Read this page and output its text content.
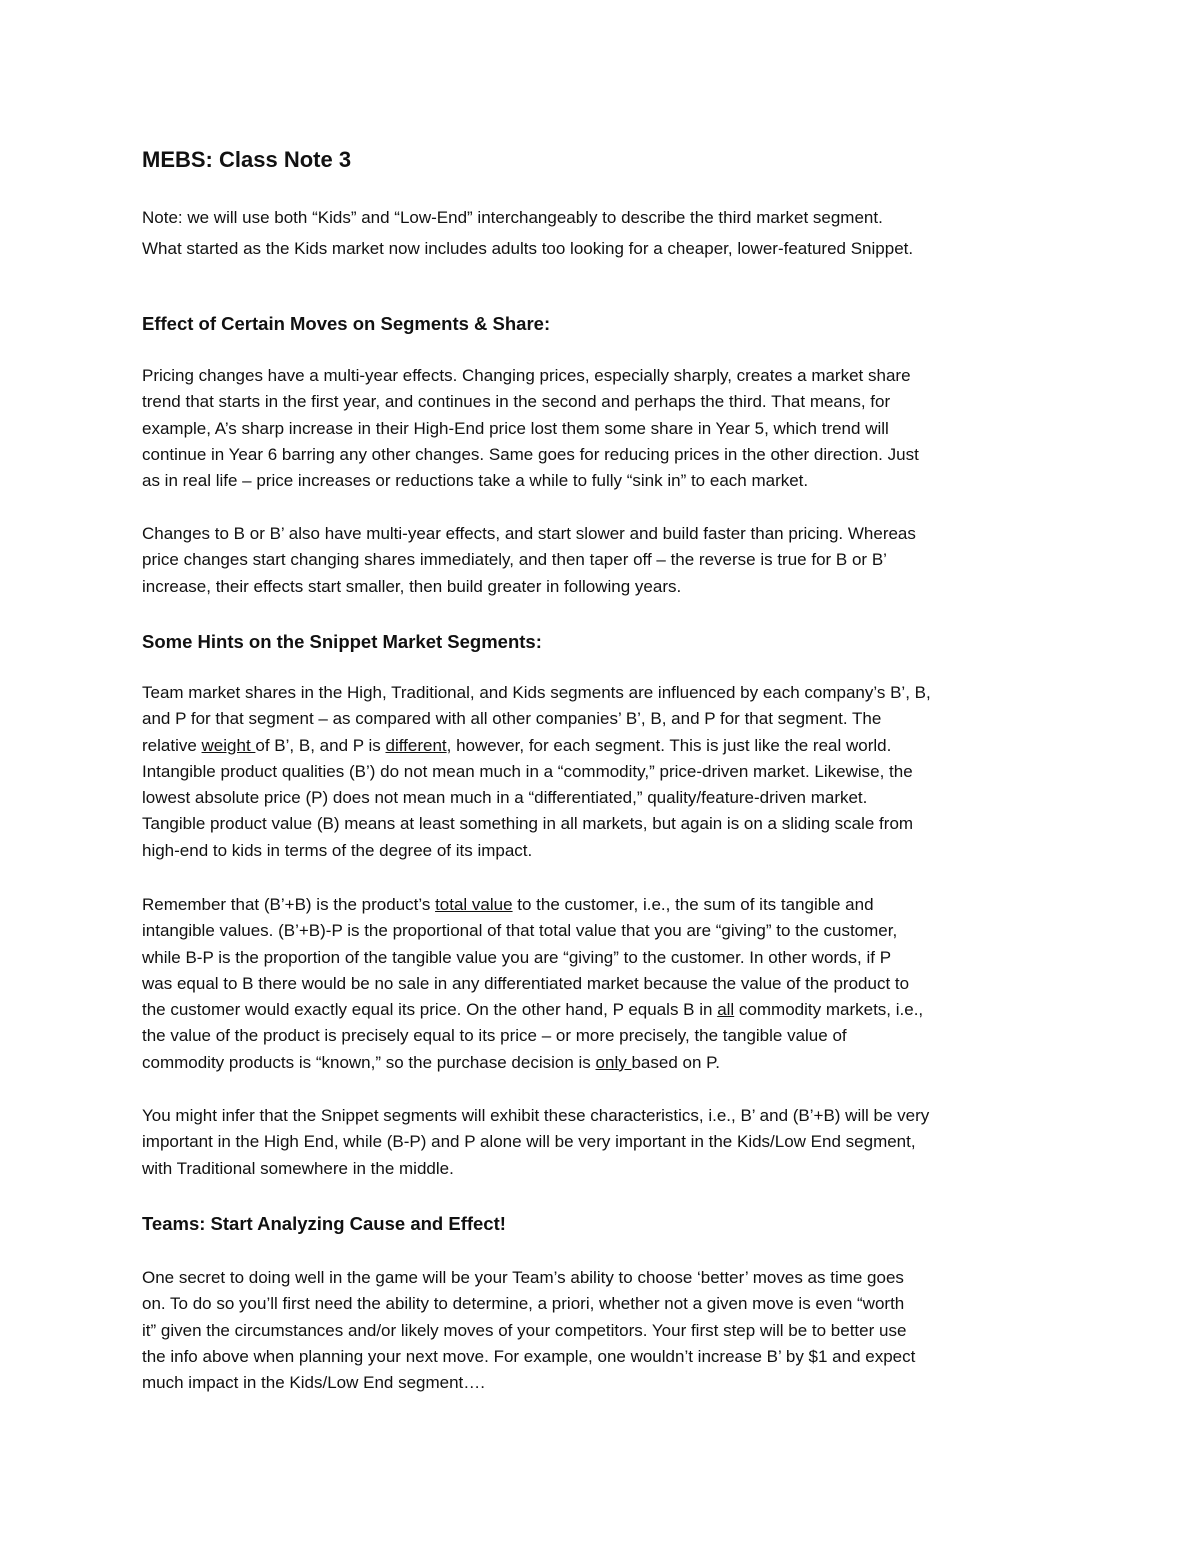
MEBS: Class Note 3

Note: we will use both “Kids” and “Low-End” interchangeably to describe the third market segment.

What started as the Kids market now includes adults too looking for a cheaper, lower-featured Snippet.

Effect of Certain Moves on Segments & Share:

Pricing changes have a multi-year effects. Changing prices, especially sharply, creates a market share
trend that starts in the first year, and continues in the second and perhaps the third. That means, for
example, A’s sharp increase in their High-End price lost them some share in Year 5, which trend will
continue in Year 6 barring any other changes. Same goes for reducing prices in the other direction. Just
as in real life – price increases or reductions take a while to fully “sink in” to each market.

Changes to B or B’ also have multi-year effects, and start slower and build faster than pricing. Whereas
price changes start changing shares immediately, and then taper off – the reverse is true for B or B’
increase, their effects start smaller, then build greater in following years.

Some Hints on the Snippet Market Segments:

Team market shares in the High, Traditional, and Kids segments are influenced by each company’s B’, B,
and P for that segment – as compared with all other companies’ B’, B, and P for that segment. The
relative weight of B’, B, and P is different, however, for each segment. This is just like the real world.
Intangible product qualities (B’) do not mean much in a “commodity,” price-driven market. Likewise, the
lowest absolute price (P) does not mean much in a “differentiated,” quality/feature-driven market.
Tangible product value (B) means at least something in all markets, but again is on a sliding scale from
high-end to kids in terms of the degree of its impact.

Remember that (B’+B) is the product’s total value to the customer, i.e., the sum of its tangible and
intangible values. (B’+B)-P is the proportional of that total value that you are “giving” to the customer,
while B-P is the proportion of the tangible value you are “giving” to the customer. In other words, if P
was equal to B there would be no sale in any differentiated market because the value of the product to
the customer would exactly equal its price. On the other hand, P equals B in all commodity markets, i.e.,
the value of the product is precisely equal to its price – or more precisely, the tangible value of
commodity products is “known,” so the purchase decision is only based on P.

You might infer that the Snippet segments will exhibit these characteristics, i.e., B’ and (B’+B) will be very
important in the High End, while (B-P) and P alone will be very important in the Kids/Low End segment,
with Traditional somewhere in the middle.

Teams: Start Analyzing Cause and Effect!

One secret to doing well in the game will be your Team’s ability to choose ‘better’ moves as time goes
on. To do so you’ll first need the ability to determine, a priori, whether not a given move is even “worth
it” given the circumstances and/or likely moves of your competitors. Your first step will be to better use
the info above when planning your next move. For example, one wouldn’t increase B’ by $1 and expect
much impact in the Kids/Low End segment….
